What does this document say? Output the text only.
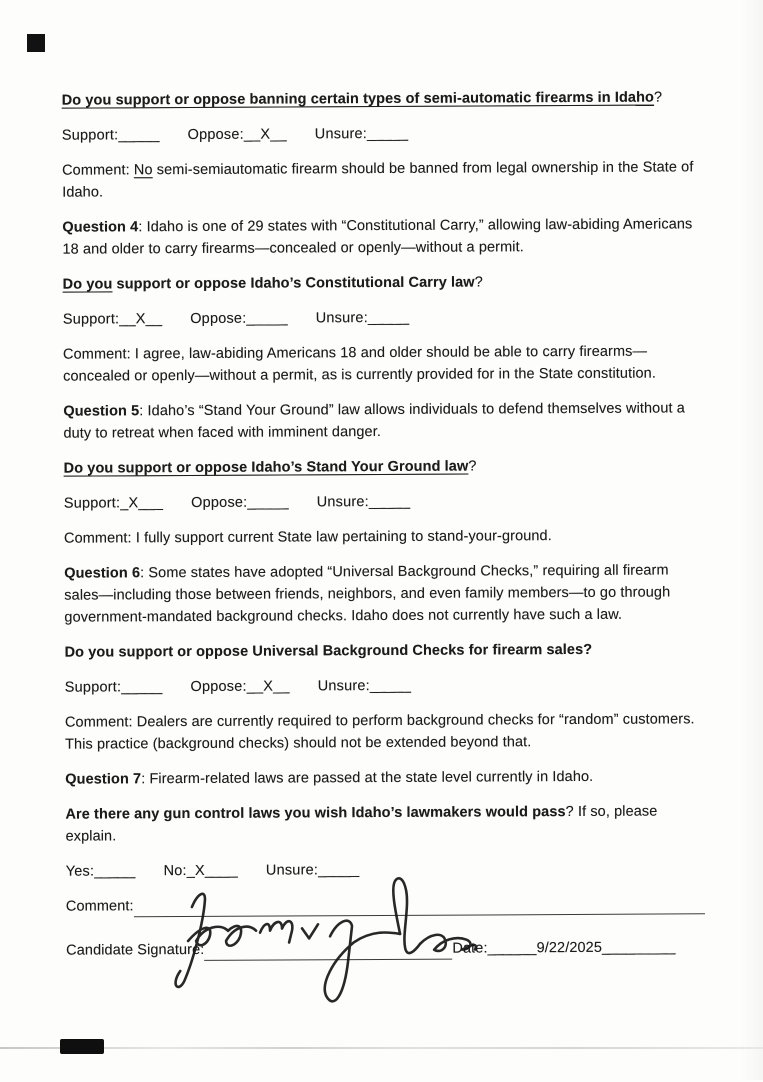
Do you support or oppose banning certain types of semi-automatic firearms in Idaho?

Support:_____ Oppose:__X__ Unsure:_____

Comment: No semi-semiautomatic firearm should be banned from legal ownership in the State of
Idaho.

Question 4: Idaho is one of 29 states with “Constitutional Carry,” allowing law-abiding Americans
18 and older to carry firearms—concealed or openly—without a permit.

Do you support or oppose Idaho’s Constitutional Carry law?

Support:__X__ Oppose:_____ Unsure:_____

Comment: I agree, law-abiding Americans 18 and older should be able to carry firearms—
concealed or openly—without a permit, as is currently provided for in the State constitution.

Question 5: Idaho’s “Stand Your Ground” law allows individuals to defend themselves without a
duty to retreat when faced with imminent danger.

Do you support or oppose Idaho’s Stand Your Ground law?

Support:_X___ Oppose:_____ Unsure:_____

Comment: I fully support current State law pertaining to stand-your-ground.

Question 6: Some states have adopted “Universal Background Checks,” requiring all firearm
sales—including those between friends, neighbors, and even family members—to go through
government-mandated background checks. Idaho does not currently have such a law.

Do you support or oppose Universal Background Checks for firearm sales?

Support:_____ Oppose:__X__ Unsure:_____

Comment: Dealers are currently required to perform background checks for “random” customers.
This practice (background checks) should not be extended beyond that.

Question 7: Firearm-related laws are passed at the state level currently in Idaho.

Are there any gun control laws you wish Idaho’s lawmakers would pass? If so, please explain.

Yes:_____ No:_X____ Unsure:_____

Comment:
Candidate Signature:	Date: ______ 9/22/2025 _________
